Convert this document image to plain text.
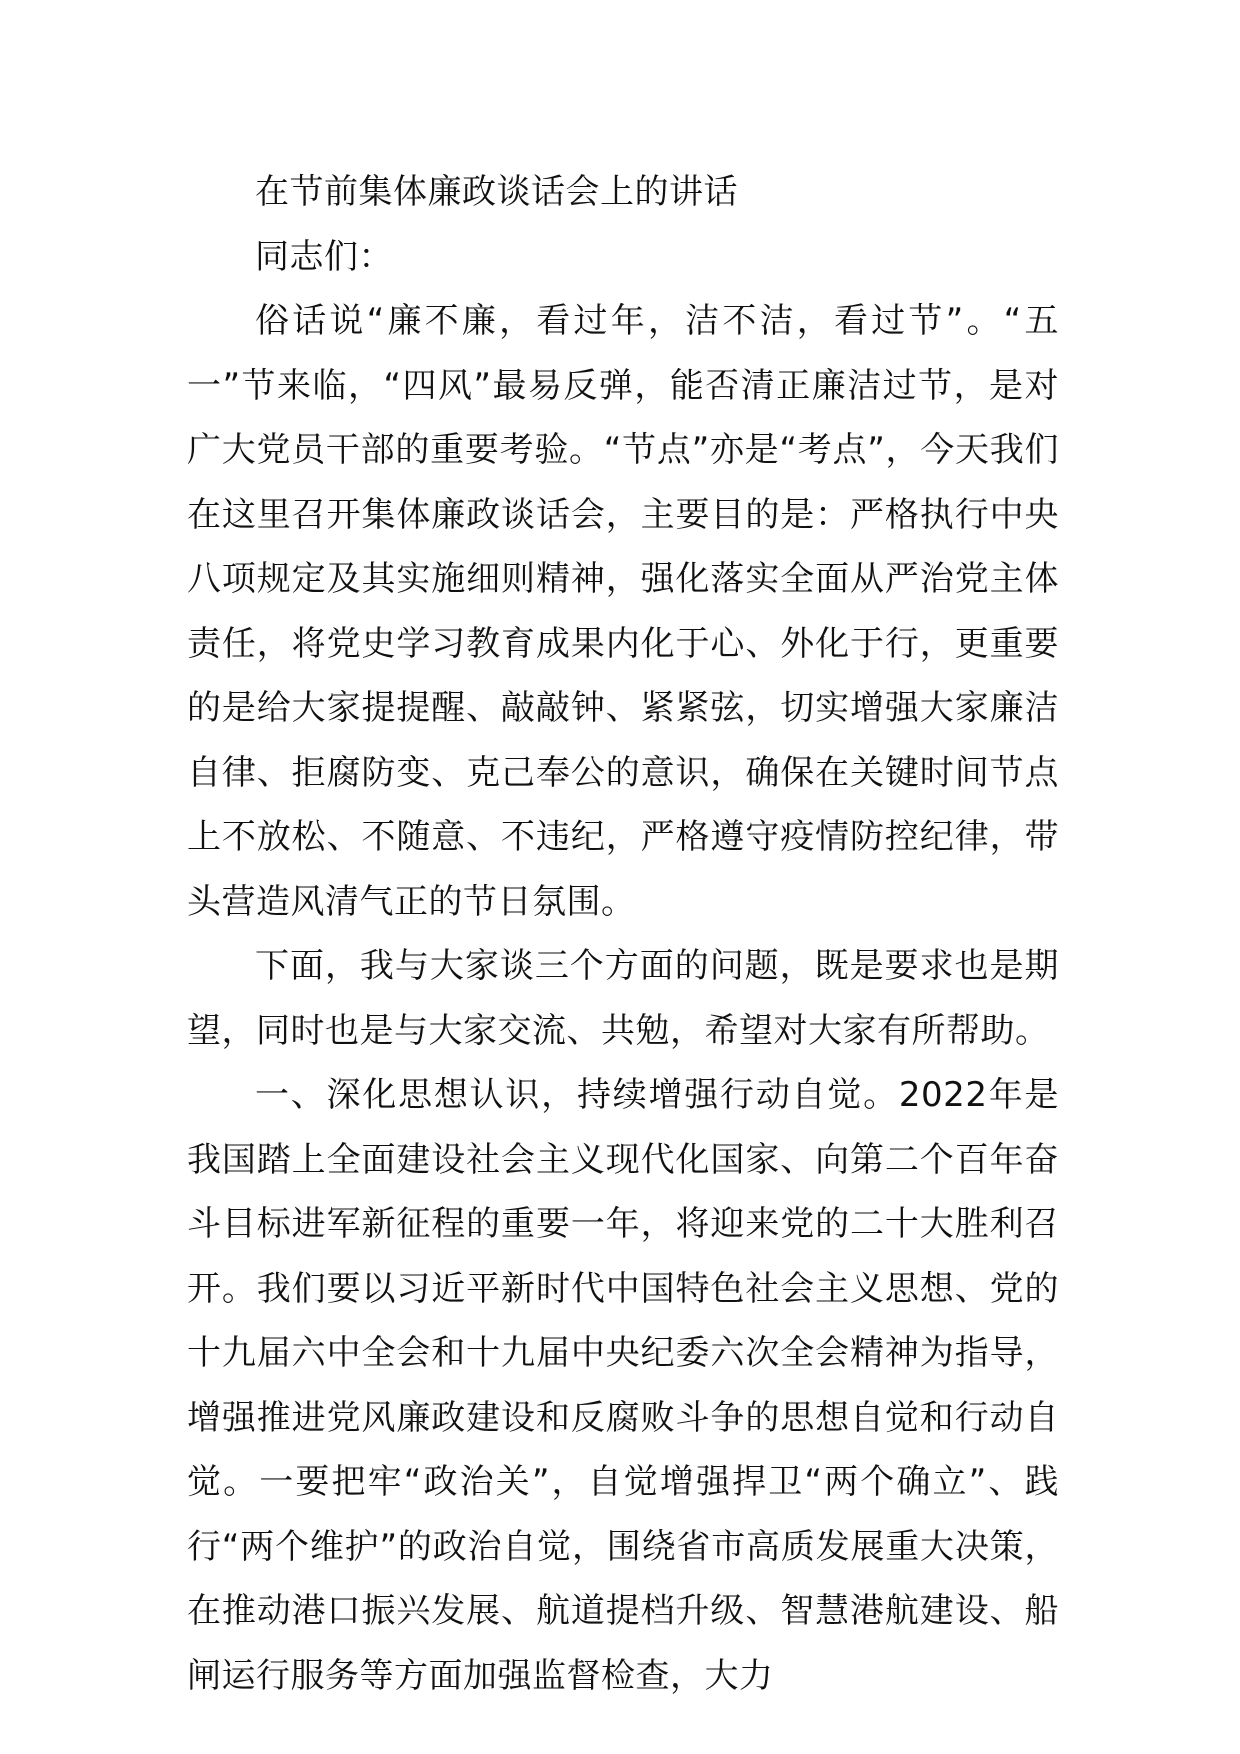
在节前集体廉政谈话会上的讲话

同志们：

俗话说“廉不廉，看过年，洁不洁，看过节”。“五一”节来临，“四风”最易反弹，能否清正廉洁过节，是对广大党员干部的重要考验。“节点”亦是“考点”，今天我们在这里召开集体廉政谈话会，主要目的是：严格执行中央八项规定及其实施细则精神，强化落实全面从严治党主体责任，将党史学习教育成果内化于心、外化于行，更重要的是给大家提提醒、敲敲钟、紧紧弦，切实增强大家廉洁自律、拒腐防变、克己奉公的意识，确保在关键时间节点上不放松、不随意、不违纪，严格遵守疫情防控纪律，带头营造风清气正的节日氛围。

下面，我与大家谈三个方面的问题，既是要求也是期望，同时也是与大家交流、共勉，希望对大家有所帮助。

一、深化思想认识，持续增强行动自觉。2022年是我国踏上全面建设社会主义现代化国家、向第二个百年奋斗目标进军新征程的重要一年，将迎来党的二十大胜利召开。我们要以习近平新时代中国特色社会主义思想、党的十九届六中全会和十九届中央纪委六次全会精神为指导，增强推进党风廉政建设和反腐败斗争的思想自觉和行动自觉。一要把牢“政治关”，自觉增强捍卫“两个确立”、践行“两个维护”的政治自觉，围绕省市高质发展重大决策，在推动港口振兴发展、航道提档升级、智慧港航建设、船闸运行服务等方面加强监督检查，大力
